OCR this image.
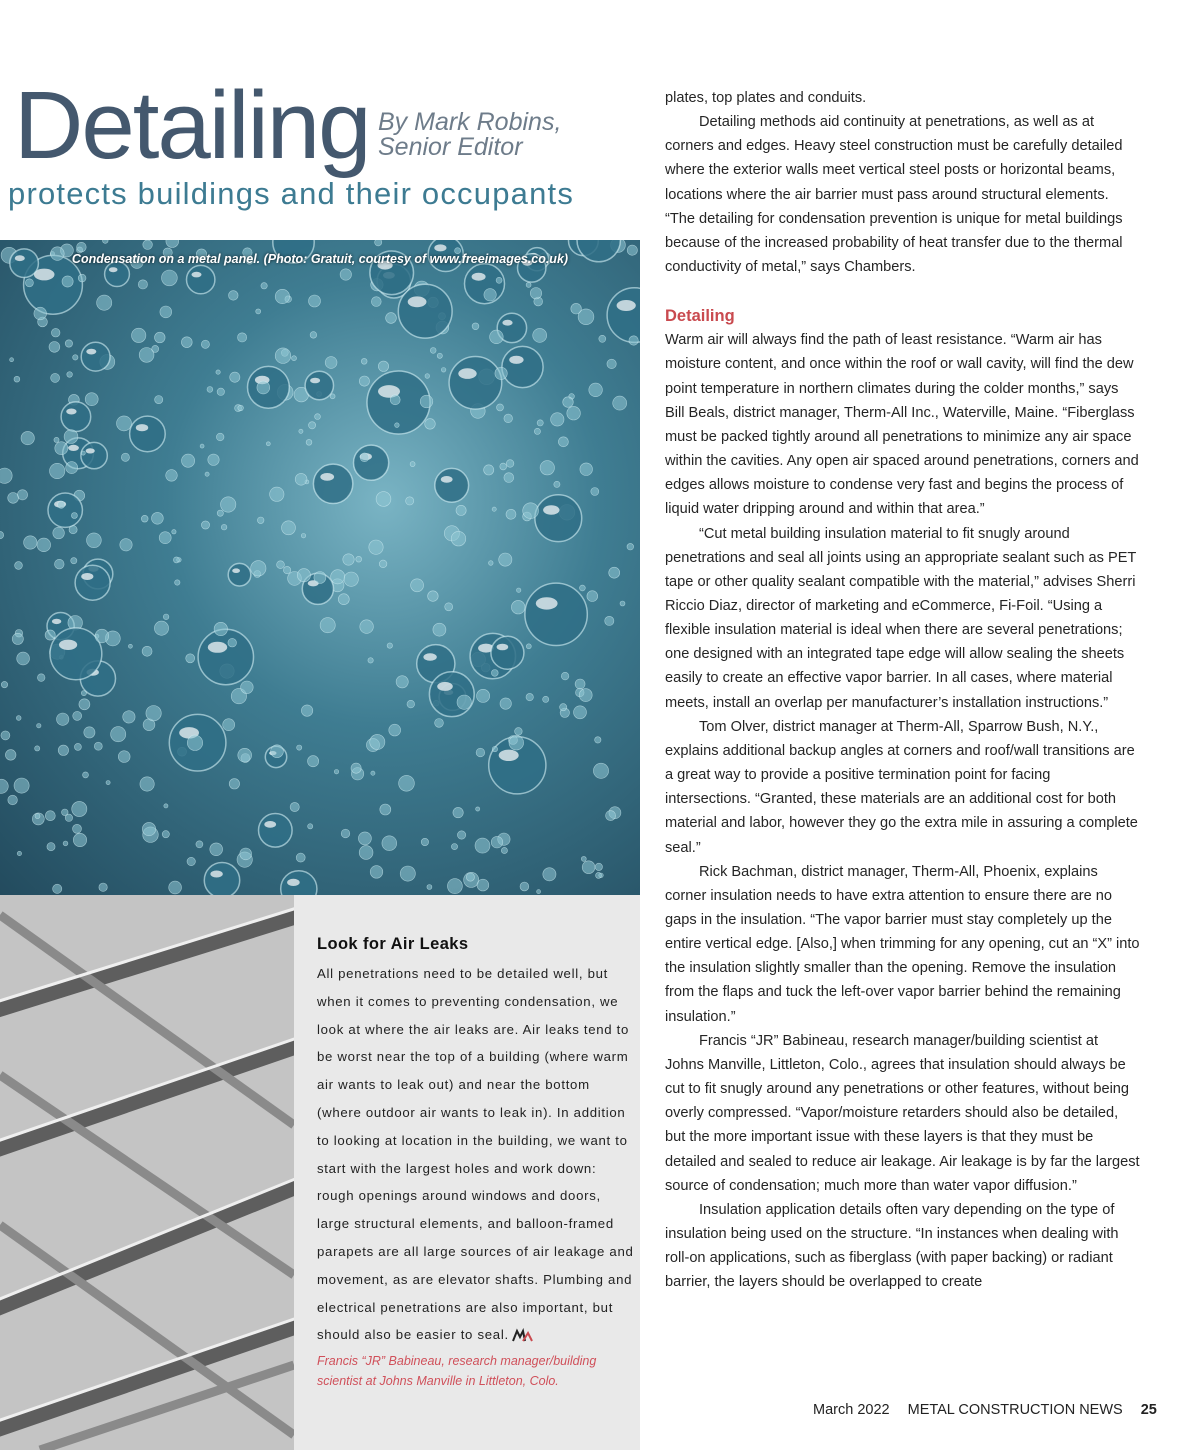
Detailing By Mark Robins,
Senior Editor
protects buildings and their occupants
Condensation on a metal panel. (Photo: Gratuit, courtesy of www.freeimages.co.uk)
Look for Air Leaks
All penetrations need to be detailed well, but when it comes to preventing condensation, we look at where the air leaks are. Air leaks tend to be worst near the top of a building (where warm air wants to leak out) and near the bottom (where outdoor air wants to leak in). In addition to looking at location in the building, we want to start with the largest holes and work down: rough openings around windows and doors, large structural elements, and balloon-framed parapets are all large sources of air leakage and movement, as are elevator shafts. Plumbing and electrical penetrations are also important, but should also be easier to seal.
Francis “JR” Babineau, research manager/building scientist at Johns Manville in Littleton, Colo.

plates, top plates and conduits.

Detailing methods aid continuity at penetrations, as well as at corners and edges. Heavy steel construction must be carefully detailed where the exterior walls meet vertical steel posts or horizontal beams, locations where the air barrier must pass around structural elements. “The detailing for condensation prevention is unique for metal buildings because of the increased probability of heat transfer due to the thermal conductivity of metal,” says Chambers.

Detailing

Warm air will always find the path of least resistance. “Warm air has moisture content, and once within the roof or wall cavity, will find the dew point temperature in northern climates during the colder months,” says Bill Beals, district manager, Therm-All Inc., Waterville, Maine. “Fiberglass must be packed tightly around all penetrations to minimize any air space within the cavities. Any open air spaced around penetrations, corners and edges allows moisture to condense very fast and begins the process of liquid water dripping around and within that area.”

“Cut metal building insulation material to fit snugly around penetrations and seal all joints using an appropriate sealant such as PET tape or other quality sealant compatible with the material,” advises Sherri Riccio Diaz, director of marketing and eCommerce, Fi-Foil. “Using a flexible insulation material is ideal when there are several penetrations; one designed with an integrated tape edge will allow sealing the sheets easily to create an effective vapor barrier. In all cases, where material meets, install an overlap per manufacturer’s installation instructions.”

Tom Olver, district manager at Therm-All, Sparrow Bush, N.Y., explains additional backup angles at corners and roof/wall transitions are a great way to provide a positive termination point for facing intersections. “Granted, these materials are an additional cost for both material and labor, however they go the extra mile in assuring a complete seal.”

Rick Bachman, district manager, Therm-All, Phoenix, explains corner insulation needs to have extra attention to ensure there are no gaps in the insulation. “The vapor barrier must stay completely up the entire vertical edge. [Also,] when trimming for any opening, cut an “X” into the insulation slightly smaller than the opening. Remove the insulation from the flaps and tuck the left-over vapor barrier behind the remaining insulation.”

Francis “JR” Babineau, research manager/building scientist at Johns Manville, Littleton, Colo., agrees that insulation should always be cut to fit snugly around any penetrations or other features, without being overly compressed. “Vapor/moisture retarders should also be detailed, but the more important issue with these layers is that they must be detailed and sealed to reduce air leakage. Air leakage is by far the largest source of condensation; much more than water vapor diffusion.”

Insulation application details often vary depending on the type of insulation being used on the structure. “In instances when dealing with roll-on applications, such as fiberglass (with paper backing) or radiant barrier, the layers should be overlapped to create

March 2022 METAL CONSTRUCTION NEWS 25
